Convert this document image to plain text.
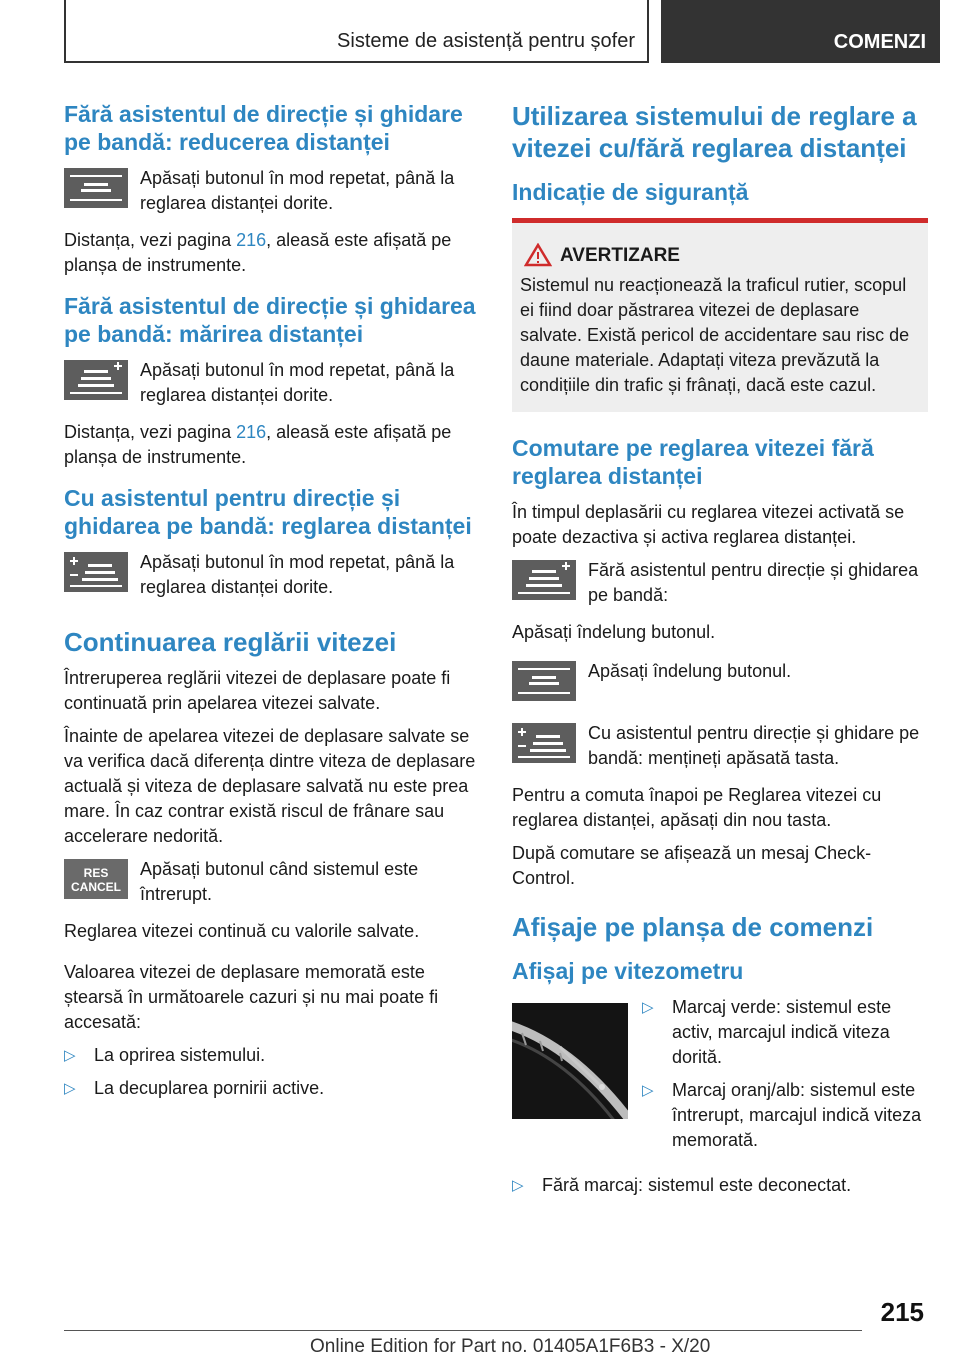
Sisteme de asistență pentru șofer	COMENZI
Fără asistentul de direcție și ghidare pe bandă: reducerea distanței
Apăsați butonul în mod repetat, până la reglarea distanței dorite.

Distanța, vezi pagina 216, aleasă este afișată pe planșa de instrumente.

Fără asistentul de direcție și ghidarea pe bandă: mărirea distanței
Apăsați butonul în mod repetat, până la reglarea distanței dorite.

Distanța, vezi pagina 216, aleasă este afișată pe planșa de instrumente.

Cu asistentul pentru direcție și ghidarea pe bandă: reglarea distanței
Apăsați butonul în mod repetat, până la reglarea distanței dorite.
Continuarea reglării vitezei

Întreruperea reglării vitezei de deplasare poate fi continuată prin apelarea vitezei salvate.

Înainte de apelarea vitezei de deplasare salvate se va verifica dacă diferența dintre viteza de deplasare actuală și viteza de deplasare salvată nu este prea mare. În caz contrar există riscul de frânare sau accelerare nedorită.

RES
CANCEL
Apăsați butonul când sistemul este întrerupt.

Reglarea vitezei continuă cu valorile salvate.

Valoarea vitezei de deplasare memorată este ștearsă în următoarele cazuri și nu mai poate fi accesată:

▷ La oprirea sistemului.
▷ La decuplarea pornirii active.
Utilizarea sistemului de reglare a vitezei cu/fără reglarea distanței
Indicație de siguranță
AVERTIZARE

Sistemul nu reacționează la traficul rutier, scopul ei fiind doar păstrarea vitezei de deplasare salvate. Există pericol de accidentare sau risc de daune materiale. Adaptați viteza prevăzută la condițiile din trafic și frânați, dacă este cazul.

Comutare pe reglarea vitezei fără reglarea distanței

În timpul deplasării cu reglarea vitezei activată se poate dezactiva și activa reglarea distanței.

Fără asistentul pentru direcție și ghidarea pe bandă:

Apăsați îndelung butonul.

Apăsați îndelung butonul.
Cu asistentul pentru direcție și ghidare pe bandă: mențineți apăsată tasta.

Pentru a comuta înapoi pe Reglarea vitezei cu reglarea distanței, apăsați din nou tasta.

După comutare se afișează un mesaj Check-Control.

Afișaje pe planșa de comenzi
Afișaj pe vitezometru
▷ Marcaj verde: sistemul este activ, marcajul indică viteza dorită.
▷ Marcaj oranj/alb: sistemul este întrerupt, marcajul indică viteza memorată.
▷ Fără marcaj: sistemul este deconectat.
215
Online Edition for Part no. 01405A1F6B3 - X/20
